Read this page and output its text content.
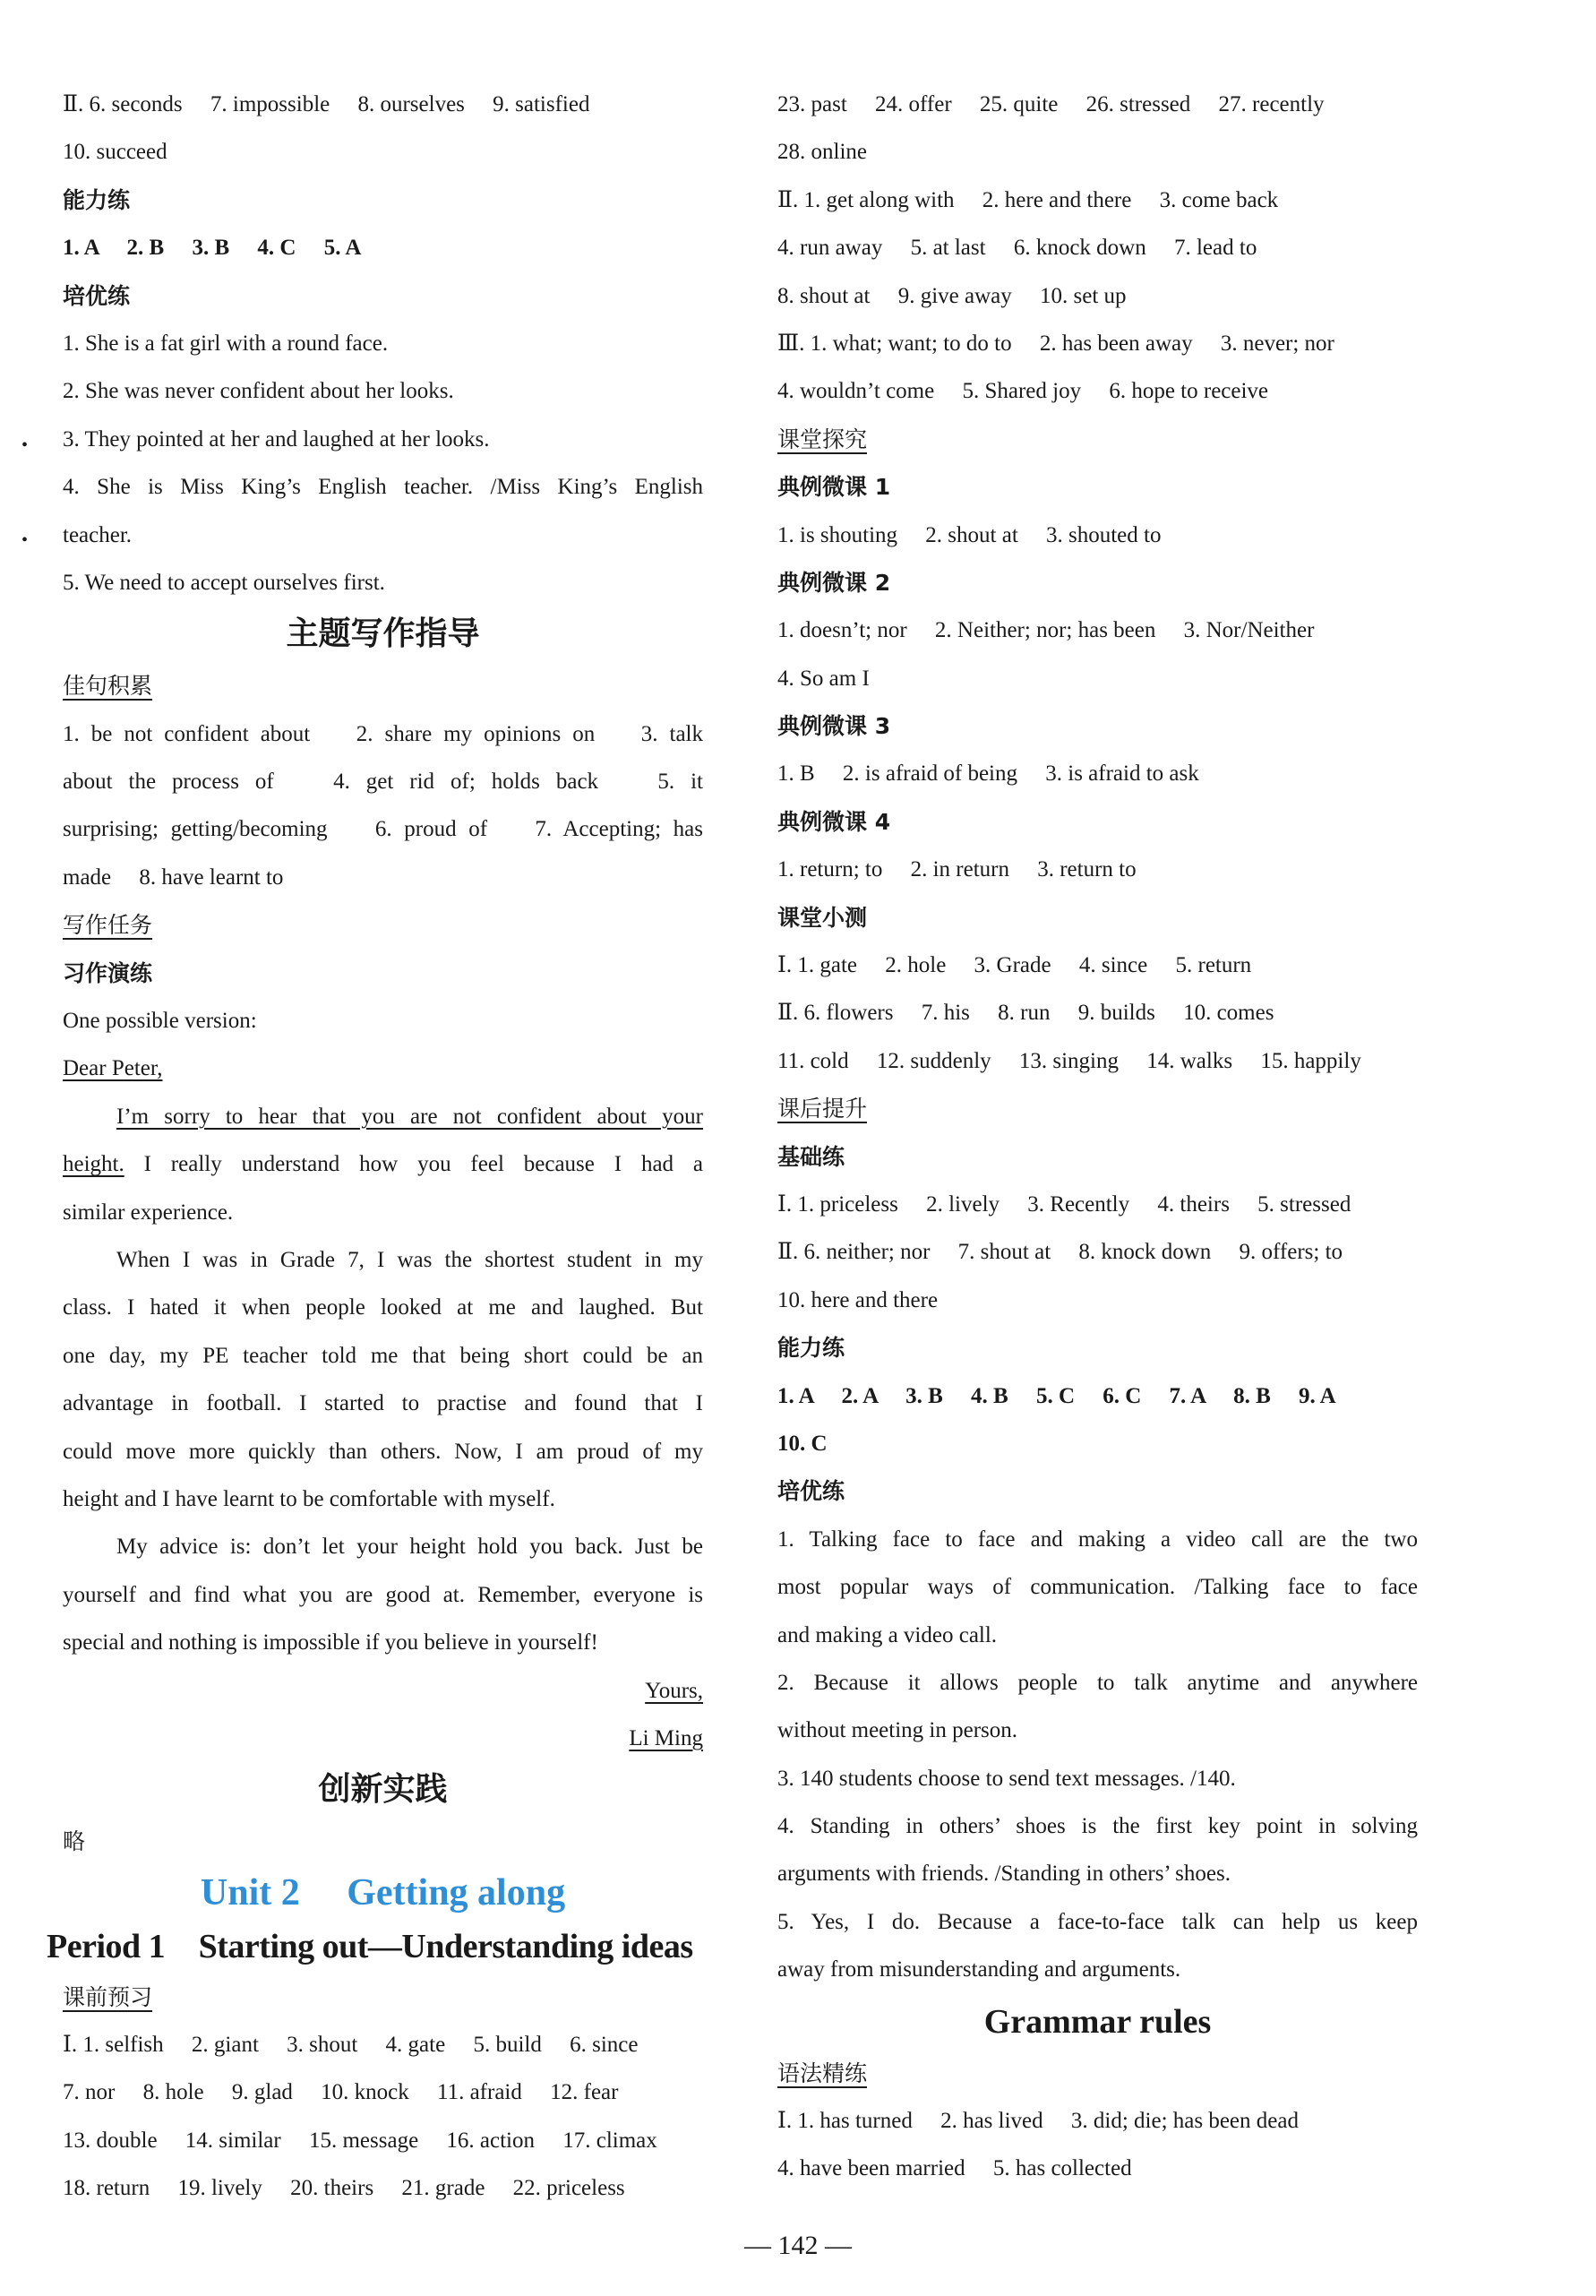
•
•
Ⅱ. 6. seconds　 7. impossible　 8. ourselves　 9. satisfied
10. succeed
能力练
1. A　 2. B　 3. B　 4. C　 5. A
培优练
1. She is a fat girl with a round face.
2. She was never confident about her looks.
3. They pointed at her and laughed at her looks.
4. She is Miss King’s English teacher. /Miss King’s English
teacher.
5. We need to accept ourselves first.
主题写作指导
佳句积累
1. be not confident about　 2. share my opinions on　 3. talk
about the process of　 4. get rid of; holds back　 5. it
surprising; getting/becoming　 6. proud of　 7. Accepting; has
made　 8. have learnt to
写作任务
习作演练
One possible version:
Dear Peter,
I’m sorry to hear that you are not confident about your
height. I really understand how you feel because I had a
similar experience.
When I was in Grade 7, I was the shortest student in my
class. I hated it when people looked at me and laughed. But
one day, my PE teacher told me that being short could be an
advantage in football. I started to practise and found that I
could move more quickly than others. Now, I am proud of my
height and I have learnt to be comfortable with myself.
My advice is: don’t let your height hold you back. Just be
yourself and find what you are good at. Remember, everyone is
special and nothing is impossible if you believe in yourself!
Yours,
Li Ming
创新实践
略
Unit 2　 Getting along
Period 1　Starting out—Understanding ideas
课前预习
Ⅰ. 1. selfish　 2. giant　 3. shout　 4. gate　 5. build　 6. since
7. nor　 8. hole　 9. glad　 10. knock　 11. afraid　 12. fear
13. double　 14. similar　 15. message　 16. action　 17. climax
18. return　 19. lively　 20. theirs　 21. grade　 22. priceless
23. past　 24. offer　 25. quite　 26. stressed　 27. recently
28. online
Ⅱ. 1. get along with　 2. here and there　 3. come back
4. run away　 5. at last　 6. knock down　 7. lead to
8. shout at　 9. give away　 10. set up
Ⅲ. 1. what; want; to do to　 2. has been away　 3. never; nor
4. wouldn’t come　 5. Shared joy　 6. hope to receive
课堂探究
典例微课 1
1. is shouting　 2. shout at　 3. shouted to
典例微课 2
1. doesn’t; nor　 2. Neither; nor; has been　 3. Nor/Neither
4. So am I
典例微课 3
1. B　 2. is afraid of being　 3. is afraid to ask
典例微课 4
1. return; to　 2. in return　 3. return to
课堂小测
Ⅰ. 1. gate　 2. hole　 3. Grade　 4. since　 5. return
Ⅱ. 6. flowers　 7. his　 8. run　 9. builds　 10. comes
11. cold　 12. suddenly　 13. singing　 14. walks　 15. happily
课后提升
基础练
Ⅰ. 1. priceless　 2. lively　 3. Recently　 4. theirs　 5. stressed
Ⅱ. 6. neither; nor　 7. shout at　 8. knock down　 9. offers; to
10. here and there
能力练
1. A　 2. A　 3. B　 4. B　 5. C　 6. C　 7. A　 8. B　 9. A
10. C
培优练
1. Talking face to face and making a video call are the two
most popular ways of communication. /Talking face to face
and making a video call.
2. Because it allows people to talk anytime and anywhere
without meeting in person.
3. 140 students choose to send text messages. /140.
4. Standing in others’ shoes is the first key point in solving
arguments with friends. /Standing in others’ shoes.
5. Yes, I do. Because a face-to-face talk can help us keep
away from misunderstanding and arguments.
Grammar rules
语法精练
Ⅰ. 1. has turned　 2. has lived　 3. did; die; has been dead
4. have been married　 5. has collected
— 142 —
